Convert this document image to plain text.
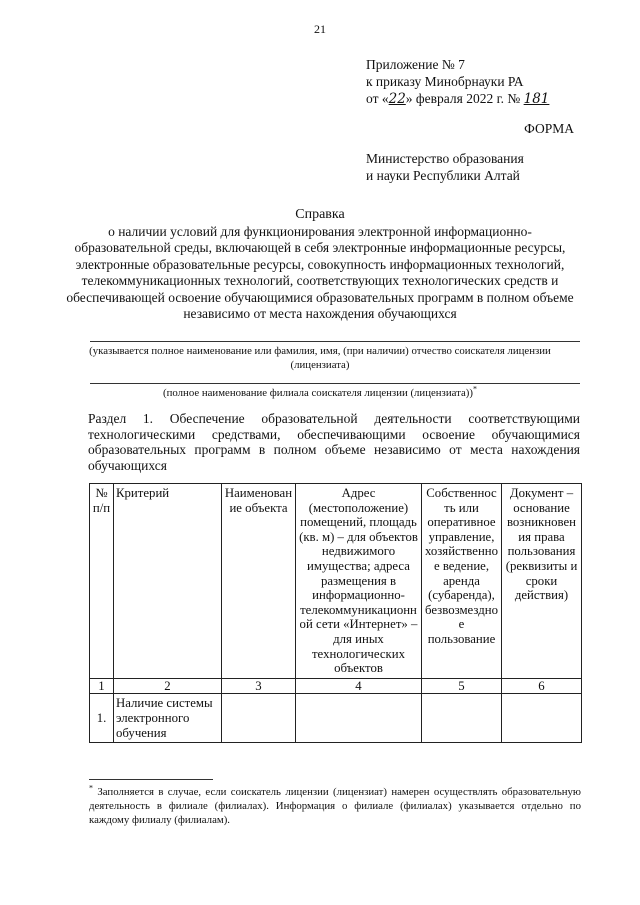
21
Приложение № 7
к приказу Минобрнауки РА
от «22» февраля 2022 г. № 181
ФОРМА
Министерство образования
и науки Республики Алтай
Справка
о наличии условий для функционирования электронной информационно-
образовательной среды, включающей в себя электронные информационные ресурсы,
электронные образовательные ресурсы, совокупность информационных технологий,
телекоммуникационных технологий, соответствующих технологических средств и
обеспечивающей освоение обучающимися образовательных программ в полном объеме
независимо от места нахождения обучающихся
(указывается полное наименование или фамилия, имя, (при наличии) отчество соискателя лицензии
(лицензиата)
(полное наименование филиала соискателя лицензии (лицензиата))*
Раздел 1. Обеспечение образовательной деятельности соответствующими технологическими средствами, обеспечивающими освоение обучающимися образовательных программ в полном объеме независимо от места нахождения обучающихся
№ п/п	Критерий	Наименован ие объекта	Адрес (местоположение) помещений, площадь (кв. м) – для объектов недвижимого имущества; адреса размещения в информационно-телекоммуникационн ой сети «Интернет» – для иных технологических объектов	Собственнос ть или оперативное управление, хозяйственно е ведение, аренда (субаренда), безвозмездно е пользование	Документ – основание возникновен ия права пользования (реквизиты и сроки действия)
1	2	3	4	5	6
1.	Наличие системы электронного обучения				
* Заполняется в случае, если соискатель лицензии (лицензиат) намерен осуществлять образовательную деятельность в филиале (филиалах). Информация о филиале (филиалах) указывается отдельно по каждому филиалу (филиалам).
